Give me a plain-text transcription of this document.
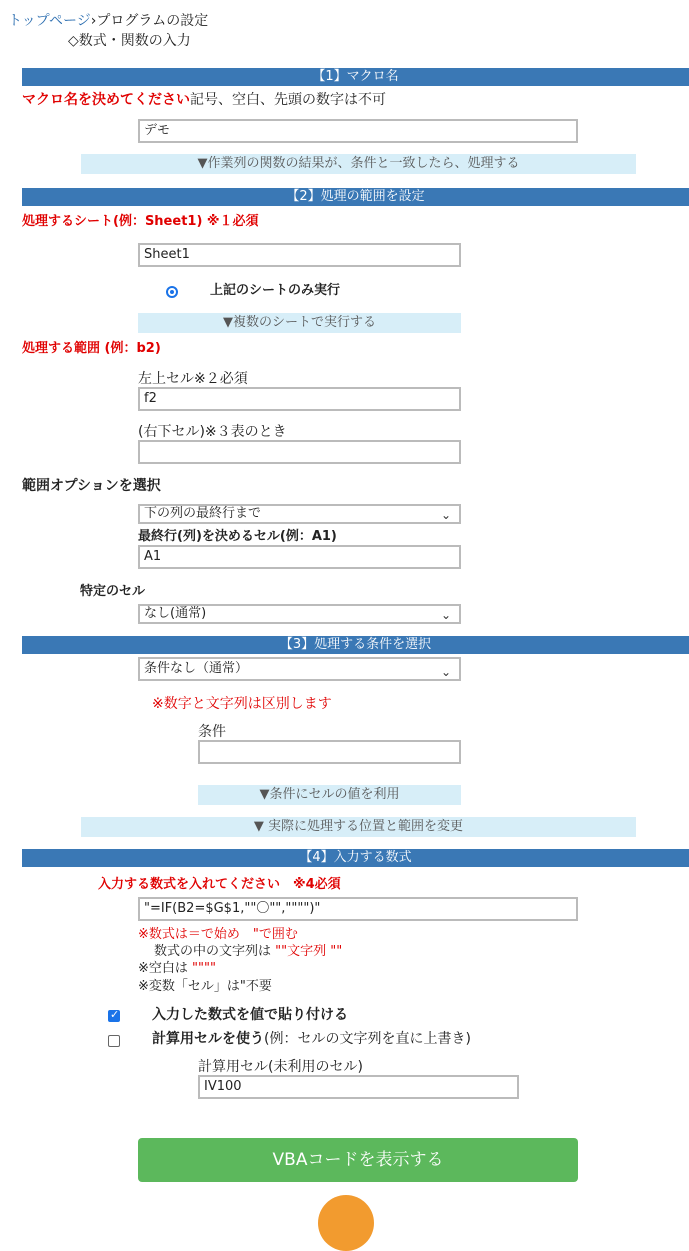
トップページ›プログラムの設定
◇数式・関数の入力
【1】マクロ名
マクロ名を決めてください記号、空白、先頭の数字は不可
デモ
▼作業列の関数の結果が、条件と一致したら、処理する
【2】処理の範囲を設定
処理するシート(例：Sheet1) ※１必須
Sheet1
上記のシートのみ実行
▼複数のシートで実行する
処理する範囲 (例：b2)
左上セル※２必須
f2
(右下セル)※３表のとき
範囲オプションを選択
下の列の最終行まで	⌄
最終行(列)を決めるセル(例：A1)
A1
特定のセル
なし(通常)	⌄
【3】処理する条件を選択
条件なし（通常）	⌄
※数字と文字列は区別します
条件
▼条件にセルの値を利用
▼ 実際に処理する位置と範囲を変更
【4】入力する数式
入力する数式を入れてください　※4必須
"=IF(B2=$G$1,""〇"","""")"
※数式は＝で始め　"で囲む
数式の中の文字列は ""文字列 ""
※空白は """"
※変数「セル」は"不要
✓
入力した数式を値で貼り付ける
計算用セルを使う(例：セルの文字列を直に上書き)
計算用セル(未利用のセル)
IV100
VBAコードを表示する
